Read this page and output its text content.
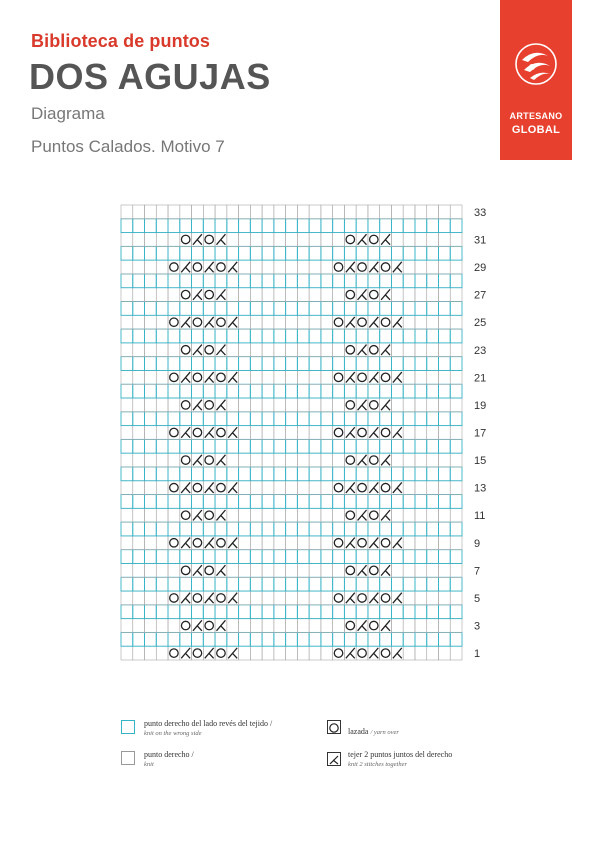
Biblioteca de puntos
DOS AGUJAS
Diagrama
Puntos Calados. Motivo 7
ARTESANO
GLOBAL
1
3
5
7
9
11
13
15
17
19
21
23
25
27
29
31
33
punto derecho del lado revés del tejido /
knit on the wrong side	lazada / yarn over
punto derecho /
knit
tejer 2 puntos juntos del derecho
knit 2 stitches together
